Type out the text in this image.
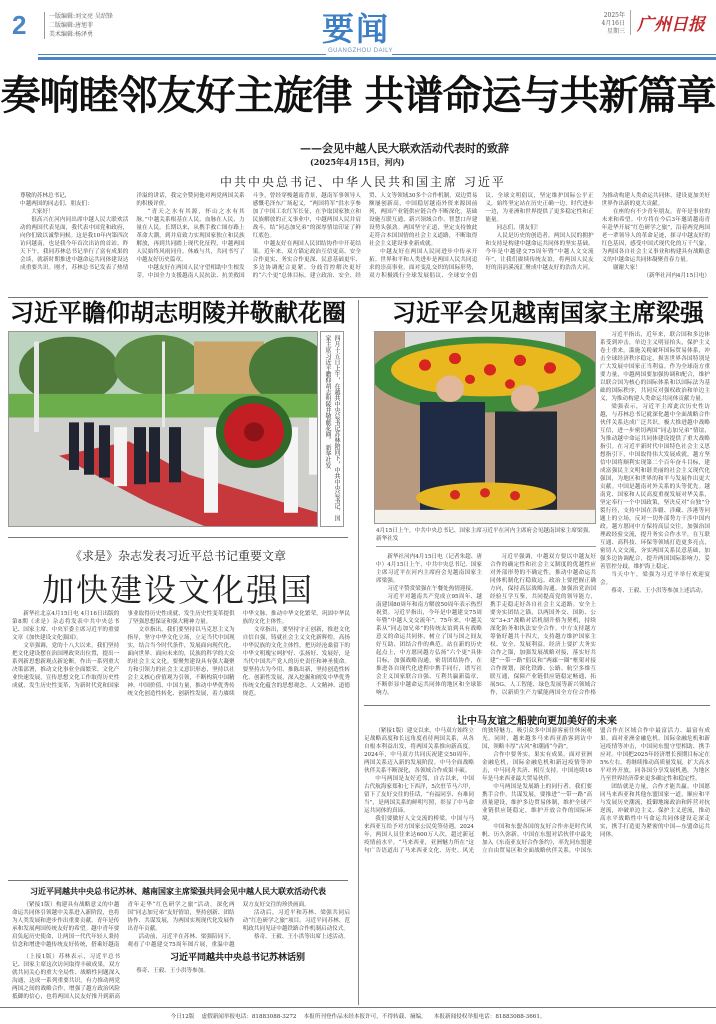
2	一版编辑:刘文亮 吴绍锋
二版编辑:唐旭菲
美术编辑:杨泽勇	要闻
GUANGZHOU DAILY
2025年
4月16日
星期三 广州日报
奏响睦邻友好主旋律 共谱命运与共新篇章
——会见中越人民大联欢活动代表时的致辞
(2025年4月15日，河内)
中共中央总书记、中华人民共和国主席 习近平

尊敬的苏林总书记，

中越两国的同志们、朋友们：

大家好！

很高兴在河内同出席中越人民大联欢活动的两国代表见面，我代表中国党和政府，向你们致以诚挚问候。这是我10年内第四次访问越南，也是我今年首次出访的首站。昨天下午，我同苏林总书记举行了富有成果的会谈，就新时期推进中越命运共同体建设达成重要共识。刚才，苏林总书记发表了热情洋溢的讲话，我完全赞同他对两党两国关系的积极评价。

“青天之水有其源，怀山之水有其脉。”中越关系根基在人民、血脉在人民、力量在人民。长期以来，从携手救亡图存路上革命大潮，到并肩致力实现国家独立和民族解放，再到共同踏上现代化征程，中越两国人民始终风雨同舟、休戚与共，共同书写了中越友好历史篇章。

中越友好在两国人民守望相助中生根发芽。中国全力支援越南人民抗法、抗美救国斗争，曾经穿梭越南背景，越南军事领导人感慨毛泽东广场起义，“两国将军”洪水亨参加了中国工农红军长征，在争取国家独立和民族解放的正义事业中，中越两国人民并肩战斗，结“同志加兄弟”的深厚情谊印证了鲜红底色。

中越友好在两国人民团结协作中开花结果。近年来，双方锚定政治互信更高、安全合作更实、务实合作更深、民意基础更牢、多边协调配合更紧、分歧管控解决更好的“六个更”总体目标，建立政治、安全、经贸、人文等领域30多个合作机制，双边贸易额屡创新高，中国稳居越南外资来源国前列，两国产业链供应链合作不断深化，基础设施互联互通、新兴领域合作、智慧口岸建设势头强劲。两国坚守正道，坚定支持彼此走符合本国国情的社会主义道路，不断取得社会主义建设事业新成就。

中越友好在两国人民同进步中传承开拓。世界和平和人类进步是两国人民共同追求的崇高事业。面对变乱交织的国际形势，双方积极践行全球发展倡议、全球安全倡议、全球文明倡议，坚定维护国际公平正义，始终坚定站在历史正确一边、时代进步一边，为亚洲和世界提供了更多稳定性和正能量。

同志们、朋友们！

人民是历史的创造者，两国人民的拥护和支持是构建中越命运共同体的坚实基础。今年是中越建交75周年暨“中越人文交流年”，让我们赓续传统友谊，将两国人民友好的涓涓溪流汇聚成中越友好的浩浩大河，为推动构建人类命运共同体、建设更加美好世界作出新的更大贡献。

在座的有不少青年朋友。青年是事业的未来和希望。中方将在今后3年邀请越南青年赴华开展“红色研学之旅”，沿着两党两国老一辈领导人的革命足迹，探寻中越友好的红色基因，感受中国式现代化的万千气象，为两国各自社会主义事业和构建具有战略意义的中越命运共同体凝聚青春力量。

谢谢大家！

（新华社河内4月15日电）

习近平瞻仰胡志明陵并敬献花圈
四月十五日上午，在越共中央总书记苏林陪同下，中共中央总书记、国家主席习近平瞻仰胡志明陵并敬献花圈。 新华社发
习近平会见越南国家主席梁强
4月15日上午，中共中央总书记、国家主席习近平在河内主席府会见越南国家主席梁强。 新华社发

新华社河内4月15日电（记者朱超、唐中）4月15日上午，中共中央总书记、国家主席习近平在河内主席府会见越南国家主席梁强。

习近平赞赏梁强在午餐处热情迎接。

习近平对越南共产党成立95周年、越南建国80周年和南方解放50周年表示热烈祝贺。习近平指出，今年是中越建交75周年暨“中越人文交流年”。75年来，中越关系从“同志加兄弟”的传统友谊到具有战略意义的命运共同体，树立了国与国之间友好互助、团结合作的典范。站在新的历史起点上，中方愿同越方弘扬“六个更”具体目标，加强战略沟通，密切团结协作，在推进各自现代化进程中携手同行，谱写社会主义国家联合自强、互利共赢新篇章，不断彰显中越命运共同体的地区和全球影响力。

习近平强调，中越双方要以中越友好合作的确定性和社会主义制度的优越性应对外部形势的不确定性，推动中越命运共同体机制化行稳致远。政治上要把握正确方向，保持高层战略沟通，加强治党治国经验互学互鉴，共同提高党的领导能力，携手走稳走好各自社会主义道路。安全上要夯实团结之锚，以两国外交、国防、公安“3+3”战略对话机制升格为契机，持续深化防务和执法安全合作。中方支持越方筹备好越共十四大，支持越方维护国家主权、安全、发展利益。经济上要扩大务实合作之锚，加强发展战略对接，落实好共建“一带一路”倡议和“两廊一圈”框架对接合作规划，深化铁路、公路、航空多维互联互通，保障产业链供应链稳定畅通，拓展5G、人工智能、绿色发展等新兴领域合作，以新质生产力赋能两国全方位合作格

习近平指出，近年来，联合国和多边体系受到冲击，单边主义明显抬头，保护主义卷土重来。滥施关税破坏国际贸易体系，冲击全球经济秩序稳定，损害世界各国特别是广大发展中国家正当利益。作为全球南方重要力量，中越两国要加强协调和配合，维护以联合国为核心的国际体系和以国际法为基础的国际秩序，共同反对强权政治和单边主义，为推动构建人类命运共同体贡献力量。

梁强表示，习近平主席此次历史性访越，与苏林总书记就深化越中全面战略合作伙伴关系达成广泛共识，极大推进越中战略互信，进一步密切两国“同志加兄弟”情谊，为推动越中命运共同体建设提供了重大战略指引。在习近平新时代中国特色社会主义思想指引下，中国取得伟大发展成就。越方坚信中国将顺利实现第二个百年奋斗目标，建成富强民主文明和谐美丽的社会主义现代化强国，为地区和世界的和平与发展作出更大贡献。中国是越南对外关系的头等优先。越南党、国家和人民高度重视发展对华关系，坚定奉行一个中国政策，坚决反对“台独”分裂行径，支持中国在涉疆、涉藏、涉港等问题上的立场，反对一切外部势力干涉中国内政。越方愿同中方保持高层交往，加强治国理政经验交流，提升务实合作水平，在互联互通、高科技、环保等领域打造更多亮点，密切人文交流，夯实两国关系民意基础，加强多边协调配合，提升两国国际影响力，妥善管控分歧，维护海上稳定。

当天中午，梁强为习近平举行欢迎宴会。

蔡奇、王毅、王小洪等参加上述活动。

《求是》杂志发表习近平总书记重要文章
加快建设文化强国

新华社北京4月15日电 4月16日出版的第8期《求是》杂志将发表中共中央总书记、国家主席、中央军委主席习近平的重要文章《加快建设文化强国》。

文章强调，党的十八大以来，我们坚持把文化建设摆在治国理政突出位置，提出一系列新思想新观点新论断，作出一系列重大决策部署，推动文化事业全面繁荣、文化产业快速发展，宣传思想文化工作取得历史性成就、发生历史性变革，为新时代党和国家事业取得历史性成就、发生历史性变革提供了坚强思想保证和强大精神力量。

文章指出，我们要坚持以马克思主义为指导，坚守中华文化立场，立足当代中国现实，结合当今时代条件，发展面向现代化、面向世界、面向未来的，民族的科学的大众的社会主义文化。要聚焦建设具有强大凝聚力和引领力的社会主义意识形态，坚持以社会主义核心价值观为引领，不断构筑中国精神、中国价值、中国力量，推动中华优秀传统文化创造性转化、创新性发展，着力赓续中华文脉、推动中华文化繁荣，巩固中华民族的文化主体性。

文章指出，要坚持守正创新，推进文化自信自强，铸就社会主义文化新辉煌。高扬中华民族的文化主体性，把历经沧桑留下的中华文明瑰宝呵护好、弘扬好、发展好，是当代中国共产党人的历史责任和神圣使命。要坚持古为今用、推陈出新，坚持创造性转化、创新性发展，深入挖掘和阐发中华优秀传统文化蕴含的思想观念、人文精神、道德规范。

让中马友谊之船驶向更加美好的未来

（紧接1版）建交以来，中马双方始终立足战略高度和长远角度看待两国关系，从各自根本利益出发，将两国关系推向新高度。2024年，中马双方共同庆祝建交50周年，两国关系迈入新的发展阶段。中马全面战略伙伴关系不断深化，各领域合作成果丰硕。

中马两国是友好近邻，自古以来，中国古代航海家郑和七下西洋，5次驻节马六甲，留下了友好交往的佳话，“有福同享、有难同当”，是两国关系的鲜明写照，彰显了中马命运共同体的真谛。

我们要做好人文交流的桥梁。中国与马来西亚互给予对方国家公民免签待遇。2024年，两国人员往来达600万人次，超过新冠疫情前水平。“马来西亚，亚洲魅力所在”这句广告语道出了马来西亚文化、历史、风光的独特魅力，吸引众多中国游客前往休闲观光。同时，越来越多马来西亚游客到访中国，领略丰厚“古风”和潮涌“今韵”。

合作中要务实，果实有成果。面对亚洲金融危机，国际金融危机和新冠疫情等冲击，中马同舟共济、相互支持。中国连续16年是马来西亚最大贸易伙伴。

中马两国是发展路上的同行者。我们要携手合作，共谋发展，要推进“一带一路”高质量建设，维护多边贸易体制，维护全球产业链供应链稳定，维护开放合作的国际环境。

中国和东盟各国的友好合作亦是时代风帆、历久弥新。中国在东盟对话伙伴中最先加入《东南亚友好合作条约》，率先同东盟建立自由贸易区和全面战略伙伴关系，中国东盟合作在区域合作中最富活力、最富有成果。面对亚洲金融危机、国际金融危机和新冠疫情等冲击，中国同东盟守望相助、携手应对。中国把2025年经济增长预期目标定在5%左右，将继续推动高质量发展，扩大高水平对外开放，同各国分享发展机遇，为地区乃至世界经济带来更多确定性和稳定性。

团结就是力量，合作才能共赢。中国愿同马来西亚和其他东盟国家一道，顺应和平与发展历史潮流，抵御地缘政治和阵营对抗逆流，冲破单边主义、保护主义逆流，推动高水平战略性中马命运共同体建设走深走实，携手打造更为紧密的中国—东盟命运共同体。

习近平同越共中央总书记苏林、越南国家主席梁强共同会见中越人民大联欢活动代表

（紧接1版）构建具有战略意义的中越命运共同体引领越中关系进入新阶段，也将为人类发展和进步作出重要贡献。青年是传承和发展两国传统友好的希望。越中青年要肩负起历史使命，让两国一代代年轻人秉持信念和增进中越传统友好传统，搭乘好越南青年走华“红色研学之旅”活动，深化两国“同志加兄弟”友好情谊，坚持创新、团结协作、共谋发展，为两国实现现代化发展作出青年贡献。

活动前，习近平在苏林、梁强陪同下，观看了中越建交75周年图片展，重温中越双方友好交往的珍贵画面。

活动后，习近平和苏林、梁强共同启动“红色研学之旅”项目。习近平同苏林、范明政共同见证中越铁路合作机制启动仪式。

蔡奇、王毅、王小洪等出席上述活动。

习近平同越共中央总书记苏林话别

（上接1版）苏林表示，习近平总书记、国家主席这次访问取得丰硕成果，双方就共同关心的重大全局性、战略性问题深入沟通，达成一系列重要共识，有力推动两党两国之间的战略合作，增强了越方政治风险抵御的信心，也将两国人民友好推升到新高

蔡奇、王毅、王小洪等参加。

今日12版 虚假新闻举报电话：81883088-3272 本报所刊登作品未经本报许可，不得转载、摘编。 本报新闻侵权举报电话：81883088-3661。
